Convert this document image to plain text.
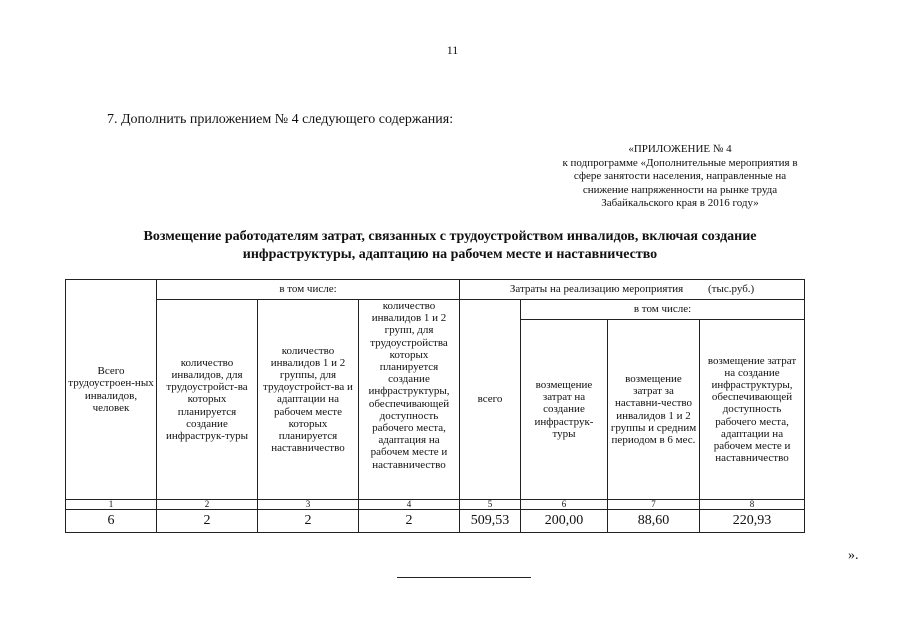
11
7. Дополнить приложением № 4 следующего содержания:
«ПРИЛОЖЕНИЕ № 4
к подпрограмме «Дополнительные мероприятия в
сфере занятости населения, направленные на
снижение напряженности на рынке труда
Забайкальского края в 2016 году»
Возмещение работодателям затрат, связанных с трудоустройством инвалидов, включая создание
инфраструктуры, адаптацию на рабочем месте и наставничество
Всего трудоустроен-ных инвалидов, человек	в том числе:			Затраты на реализацию мероприятия (тыс.руб.)			
	количество инвалидов, для трудоустройст-ва которых планируется создание инфраструк-туры	количество инвалидов 1 и 2 группы, для трудоустройст-ва и адаптации на рабочем месте которых планируется наставничество	количество инвалидов 1 и 2 групп, для трудоустройства которых планируется создание инфраструктуры, обеспечивающей доступность рабочего места, адаптация на рабочем месте и наставничество	всего	в том числе:		
					возмещение затрат на создание инфраструк-туры	возмещение затрат за наставни-чество инвалидов 1 и 2 группы и средним периодом в 6 мес.	возмещение затрат на создание инфраструктуры, обеспечивающей доступность рабочего места, адаптации на рабочем месте и наставничество
1	2	3	4	5	6	7	8
6	2	2	2	509,53	200,00	88,60	220,93
».
